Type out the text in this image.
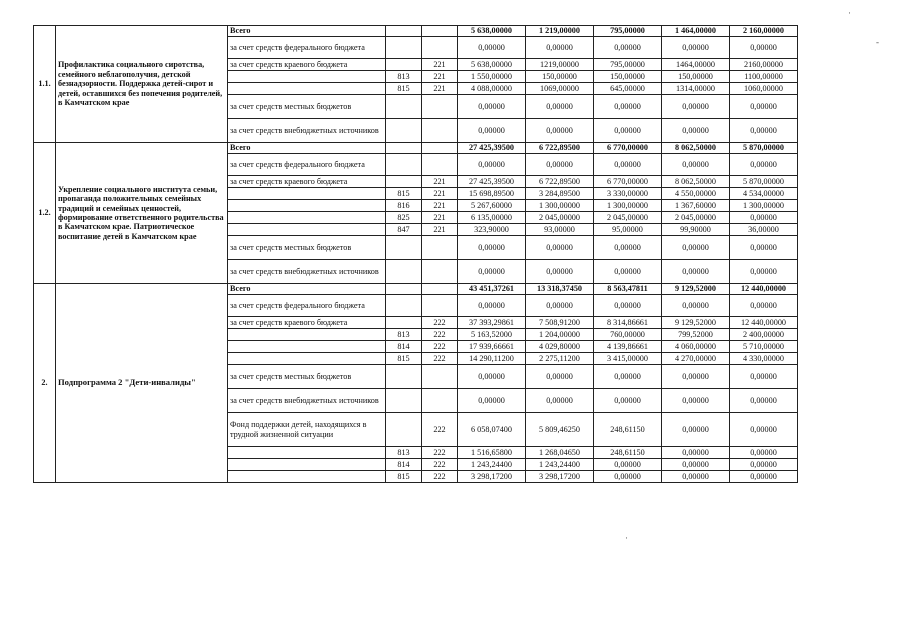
1.1.	Профилактика социального сиротства, семейного неблагополучия, детской безнадзорности. Поддержка детей-сирот и детей, оставшихся без попечения родителей, в Камчатском крае	Всего			5 638,00000	1 219,00000	795,00000	1 464,00000	2 160,00000
		за счет средств федерального бюджета			0,00000	0,00000	0,00000	0,00000	0,00000
		за счет средств краевого бюджета		221	5 638,00000	1219,00000	795,00000	1464,00000	2160,00000
			813	221	1 550,00000	150,00000	150,00000	150,00000	1100,00000
			815	221	4 088,00000	1069,00000	645,00000	1314,00000	1060,00000
		за счет средств местных бюджетов			0,00000	0,00000	0,00000	0,00000	0,00000
		за счет средств внебюджетных источников			0,00000	0,00000	0,00000	0,00000	0,00000
1.2.	Укрепление социального института семьи, пропаганда положительных семейных традиций и семейных ценностей, формирование ответственного родительства в Камчатском крае. Патриотическое воспитание детей в Камчатском крае	Всего			27 425,39500	6 722,89500	6 770,00000	8 062,50000	5 870,00000
		за счет средств федерального бюджета			0,00000	0,00000	0,00000	0,00000	0,00000
		за счет средств краевого бюджета		221	27 425,39500	6 722,89500	6 770,00000	8 062,50000	5 870,00000
			815	221	15 698,89500	3 284,89500	3 330,00000	4 550,00000	4 534,00000
			816	221	5 267,60000	1 300,00000	1 300,00000	1 367,60000	1 300,00000
			825	221	6 135,00000	2 045,00000	2 045,00000	2 045,00000	0,00000
			847	221	323,90000	93,00000	95,00000	99,90000	36,00000
		за счет средств местных бюджетов			0,00000	0,00000	0,00000	0,00000	0,00000
		за счет средств внебюджетных источников			0,00000	0,00000	0,00000	0,00000	0,00000
2.	Подпрограмма 2 "Дети-инвалиды"	Всего			43 451,37261	13 318,37450	8 563,47811	9 129,52000	12 440,00000
		за счет средств федерального бюджета			0,00000	0,00000	0,00000	0,00000	0,00000
		за счет средств краевого бюджета		222	37 393,29861	7 508,91200	8 314,86661	9 129,52000	12 440,00000
			813	222	5 163,52000	1 204,00000	760,00000	799,52000	2 400,00000
			814	222	17 939,66661	4 029,80000	4 139,86661	4 060,00000	5 710,00000
			815	222	14 290,11200	2 275,11200	3 415,00000	4 270,00000	4 330,00000
		за счет средств местных бюджетов			0,00000	0,00000	0,00000	0,00000	0,00000
		за счет средств внебюджетных источников			0,00000	0,00000	0,00000	0,00000	0,00000
		Фонд поддержки детей, находящихся в трудной жизненной ситуации		222	6 058,07400	5 809,46250	248,61150	0,00000	0,00000
			813	222	1 516,65800	1 268,04650	248,61150	0,00000	0,00000
			814	222	1 243,24400	1 243,24400	0,00000	0,00000	0,00000
			815	222	3 298,17200	3 298,17200	0,00000	0,00000	0,00000
·
-
·
